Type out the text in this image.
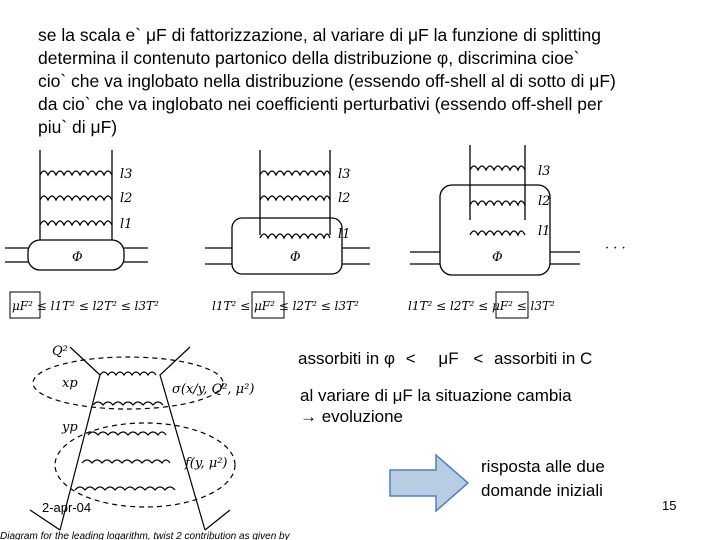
se la scala e` μF di fattorizzazione, al variare di μF la funzione di splitting
determina il contenuto partonico della distribuzione φ, discrimina cioe`
cio` che va inglobato nella distribuzione (essendo off-shell al di sotto di μF)
da cio` che va inglobato nei coefficienti perturbativi (essendo off-shell per
piu` di μF)
l3
l2
l1
Φ
l3
l2
l1
Φ
l3
l2
l1
Φ
· · ·
μF² ≤ l1T² ≤ l2T² ≤ l3T²	l1T² ≤ μF² ≤ l2T² ≤ l3T²	l1T² ≤ l2T² ≤ μF² ≤ l3T²
Q²
xp
yp
σ(x/y, Q², μ²)
f(y, μ²)
Diagram for the leading logarithm, twist 2 contribution as given by
assorbiti in φ < μF < assorbiti in C
al variare di μF la situazione cambia
→ evoluzione
risposta alle due
domande iniziali
2-apr-04	15
